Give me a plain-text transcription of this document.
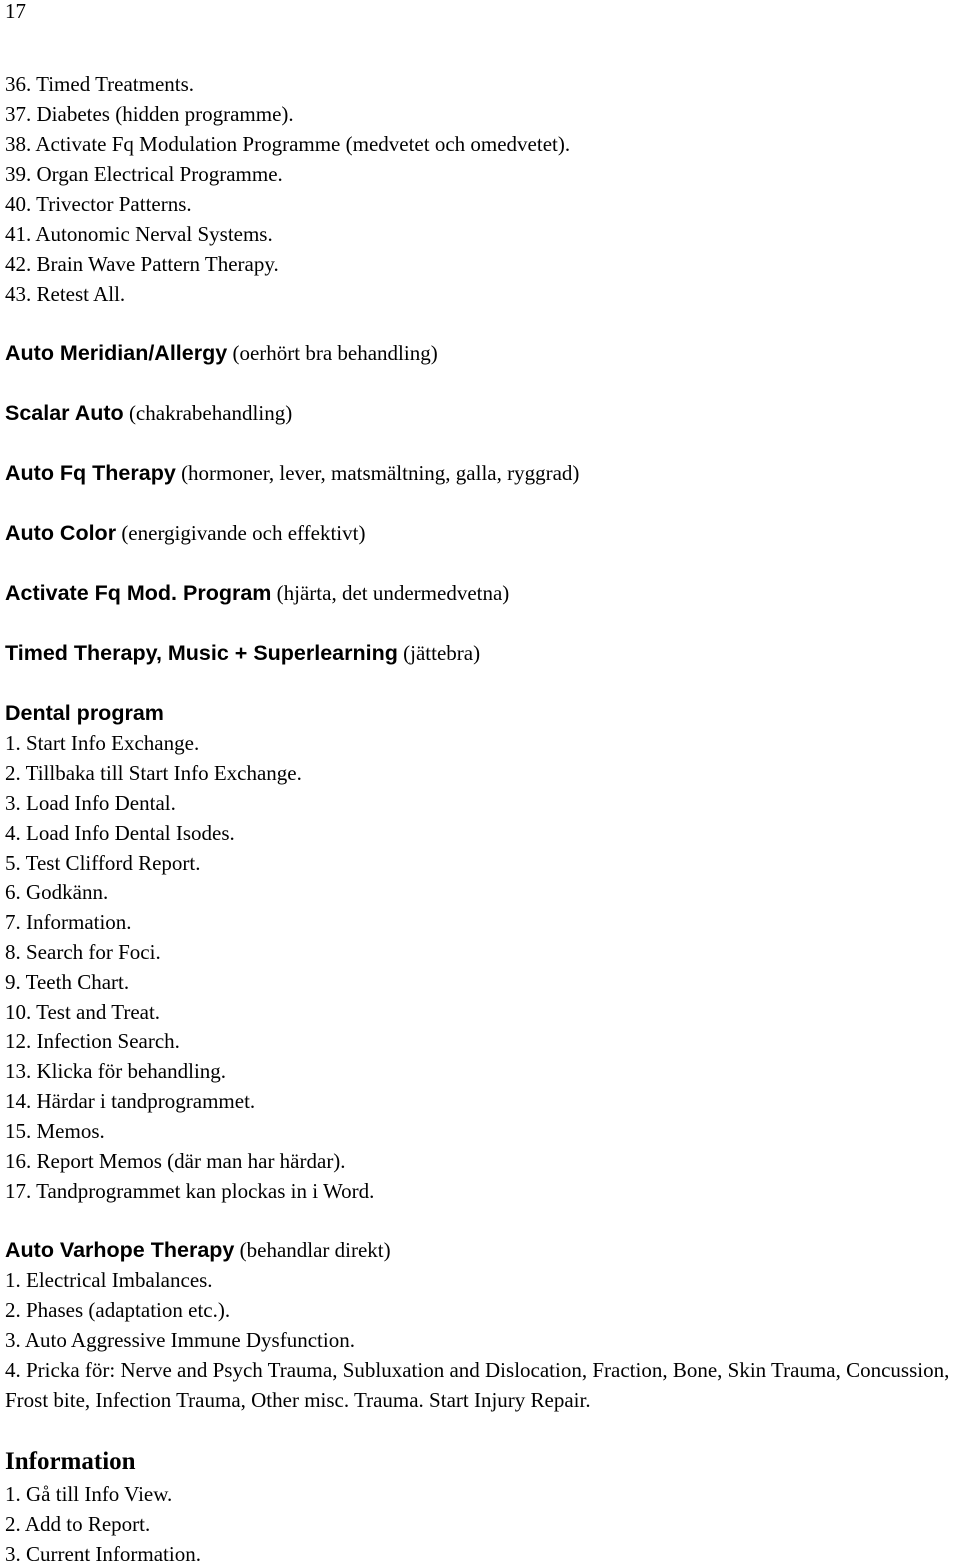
17
36. Timed Treatments.
37. Diabetes (hidden programme).
38. Activate Fq Modulation Programme (medvetet och omedvetet).
39. Organ Electrical Programme.
40. Trivector Patterns.
41. Autonomic Nerval Systems.
42. Brain Wave Pattern Therapy.
43. Retest All.
Auto Meridian/Allergy (oerhört bra behandling)
Scalar Auto (chakrabehandling)
Auto Fq Therapy (hormoner, lever, matsmältning, galla, ryggrad)
Auto Color (energigivande och effektivt)
Activate Fq Mod. Program (hjärta, det undermedvetna)
Timed Therapy, Music + Superlearning (jättebra)
Dental program
1. Start Info Exchange.
2. Tillbaka till Start Info Exchange.
3. Load Info Dental.
4. Load Info Dental Isodes.
5. Test Clifford Report.
6. Godkänn.
7. Information.
8. Search for Foci.
9. Teeth Chart.
10. Test and Treat.
12. Infection Search.
13. Klicka för behandling.
14. Härdar i tandprogrammet.
15. Memos.
16. Report Memos (där man har härdar).
17. Tandprogrammet kan plockas in i Word.
Auto Varhope Therapy (behandlar direkt)
1. Electrical Imbalances.
2. Phases (adaptation etc.).
3. Auto Aggressive Immune Dysfunction.
4. Pricka för: Nerve and Psych Trauma, Subluxation and Dislocation, Fraction, Bone, Skin Trauma, Concussion, Frost bite, Infection Trauma, Other misc. Trauma. Start Injury Repair.
Information
1. Gå till Info View.
2. Add to Report.
3. Current Information.
